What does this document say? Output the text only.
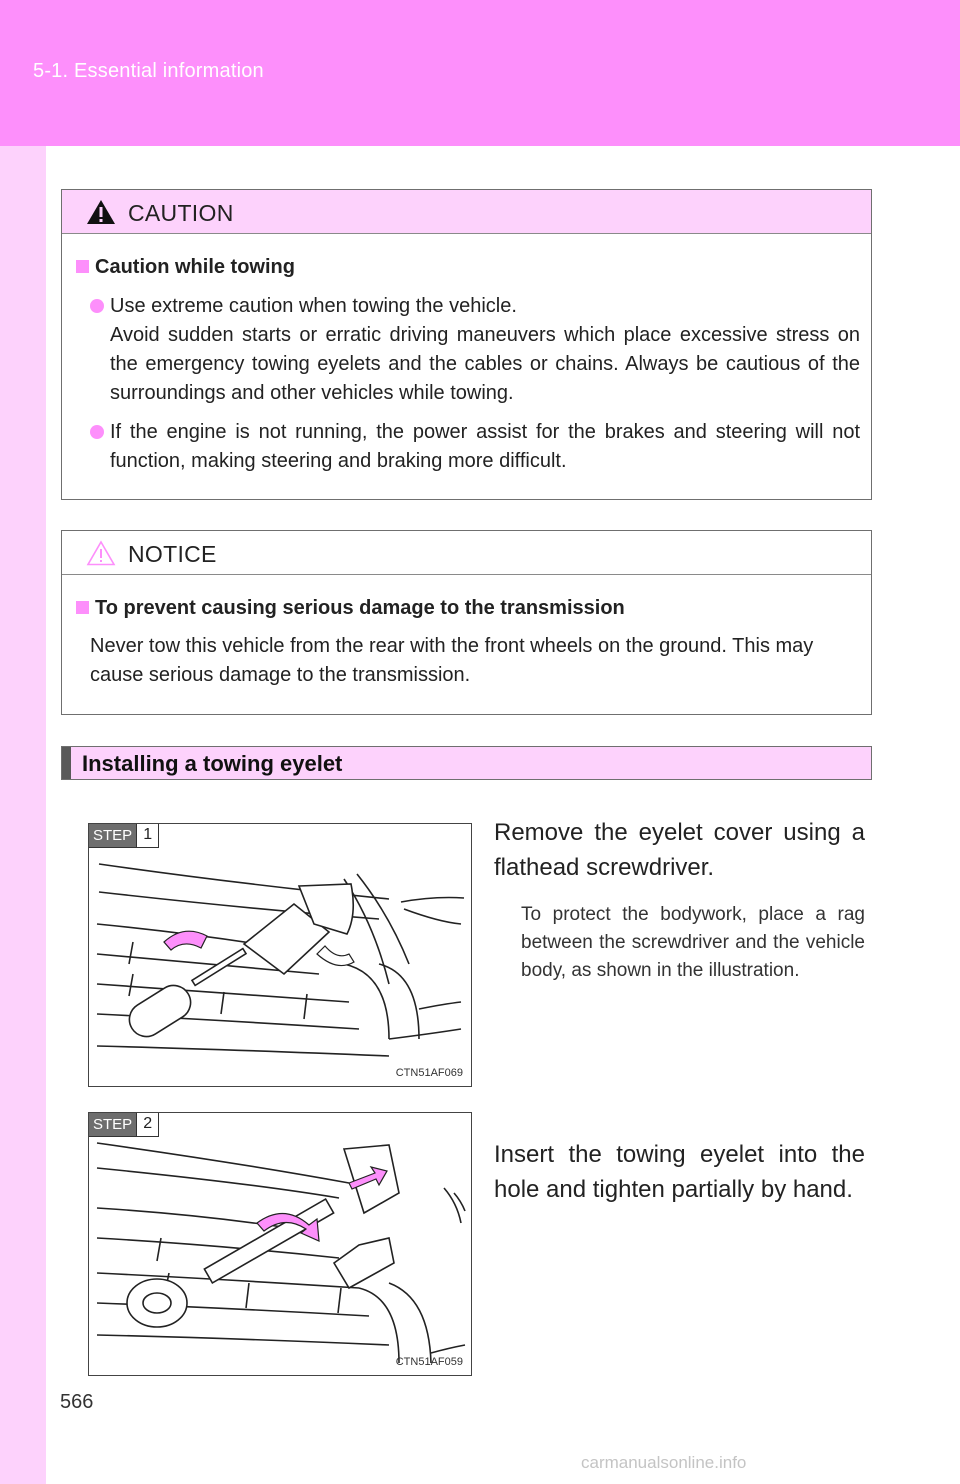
5-1. Essential information
CAUTION
Caution while towing
Use extreme caution when towing the vehicle.
Avoid sudden starts or erratic driving maneuvers which place excessive stress on the emergency towing eyelets and the cables or chains. Always be cautious of the surroundings and other vehicles while towing.
If the engine is not running, the power assist for the brakes and steering will not function, making steering and braking more difficult.
NOTICE
To prevent causing serious damage to the transmission
Never tow this vehicle from the rear with the front wheels on the ground. This may cause serious damage to the transmission.
Installing a towing eyelet
STEP 1
CTN51AF069
Remove the eyelet cover using a flathead screwdriver.
To protect the bodywork, place a rag between the screwdriver and the vehicle body, as shown in the illustration.
STEP 2
CTN51AF059
Insert the towing eyelet into the hole and tighten partially by hand.
566
carmanualsonline.info
